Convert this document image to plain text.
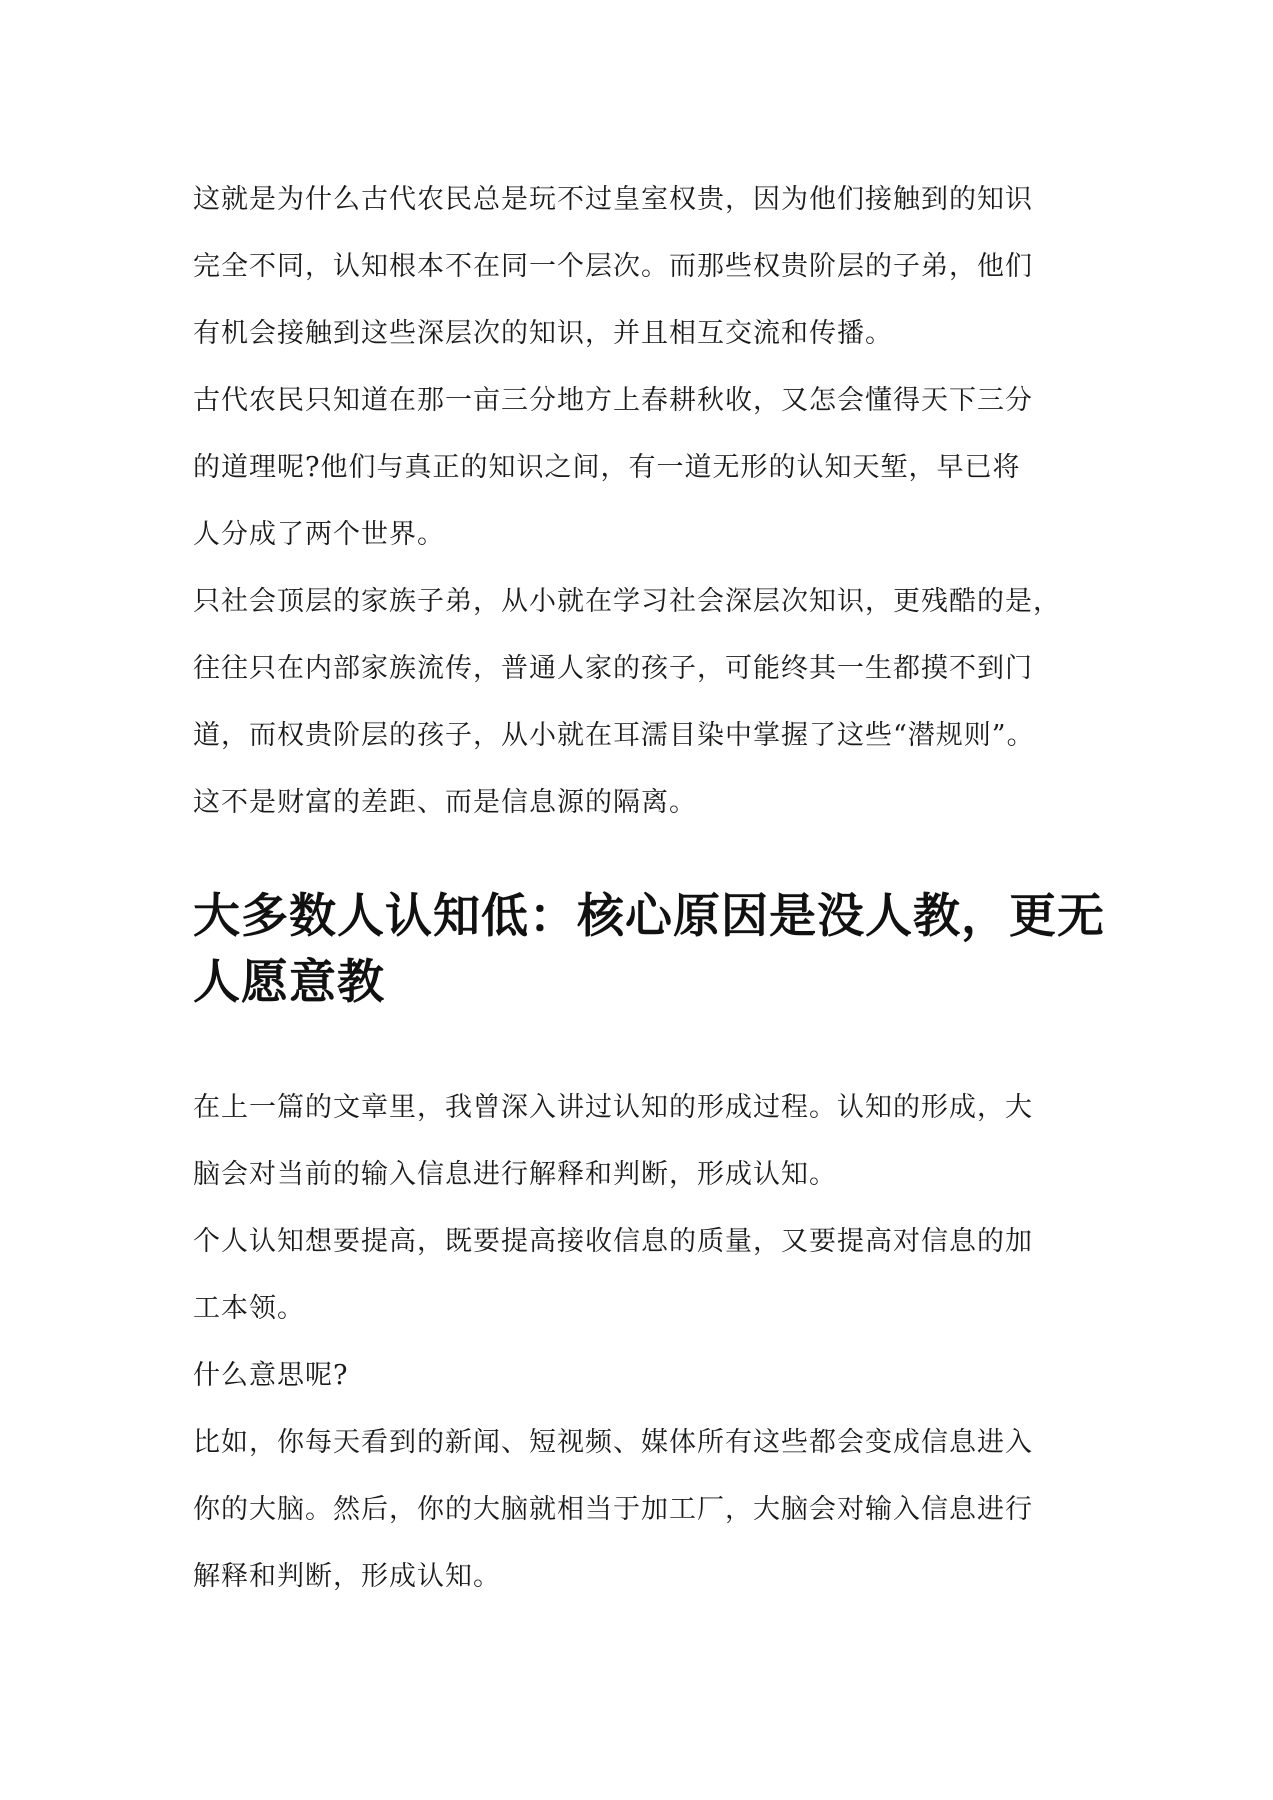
这就是为什么古代农民总是玩不过皇室权贵，因为他们接触到的知识
完全不同，认知根本不在同一个层次。而那些权贵阶层的子弟，他们
有机会接触到这些深层次的知识，并且相互交流和传播。
古代农民只知道在那一亩三分地方上春耕秋收，又怎会懂得天下三分
的道理呢?他们与真正的知识之间，有一道无形的认知天堑，早已将
人分成了两个世界。
只社会顶层的家族子弟，从小就在学习社会深层次知识，更残酷的是，
往往只在内部家族流传，普通人家的孩子，可能终其一生都摸不到门
道，而权贵阶层的孩子，从小就在耳濡目染中掌握了这些“潜规则”。
这不是财富的差距、而是信息源的隔离。
大多数人认知低：核心原因是没人教，更无
人愿意教
在上一篇的文章里，我曾深入讲过认知的形成过程。认知的形成，大
脑会对当前的输入信息进行解释和判断，形成认知。
个人认知想要提高，既要提高接收信息的质量，又要提高对信息的加
工本领。
什么意思呢?
比如，你每天看到的新闻、短视频、媒体所有这些都会变成信息进入
你的大脑。然后，你的大脑就相当于加工厂，大脑会对输入信息进行
解释和判断，形成认知。
